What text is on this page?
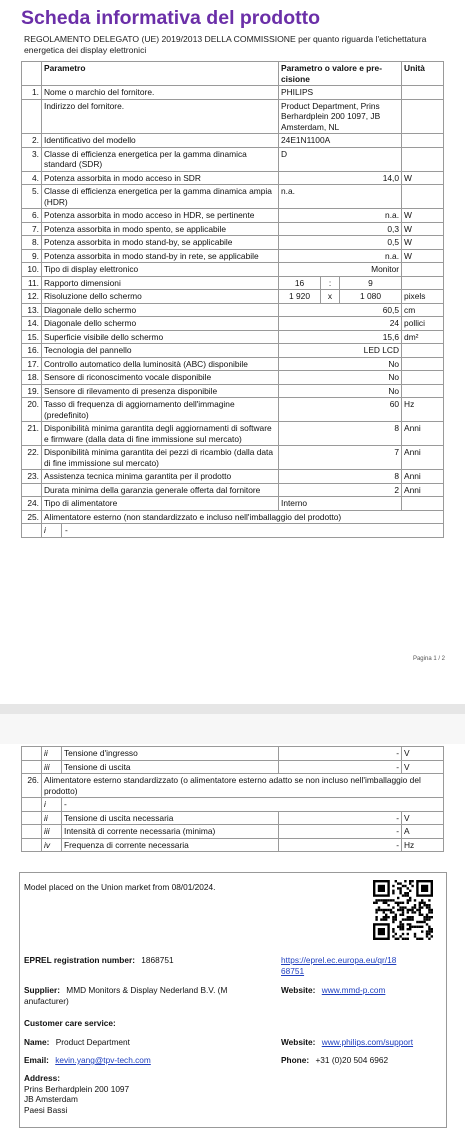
Scheda informativa del prodotto
REGOLAMENTO DELEGATO (UE) 2019/2013 DELLA COMMISSIONE per quanto riguarda l'etichettatura energetica dei display elettronici
	Parametro	Parametro o valore e precisione			Unità
1.	Nome o marchio del fornitore.	PHILIPS			
	Indirizzo del fornitore.	Product Department, Prins Berhardplein 200 1097, JB Amsterdam, NL			
2.	Identificativo del modello	24E1N1100A			
3.	Classe di efficienza energetica per la gamma dinamica standard (SDR)	D			
4.	Potenza assorbita in modo acceso in SDR	14,0			W
5.	Classe di efficienza energetica per la gamma dinamica ampia (HDR)	n.a.			
6.	Potenza assorbita in modo acceso in HDR, se pertinente	n.a.			W
7.	Potenza assorbita in modo spento, se applicabile	0,3			W
8.	Potenza assorbita in modo stand-by, se applicabile	0,5			W
9.	Potenza assorbita in modo stand-by in rete, se applicabile	n.a.			W
10.	Tipo di display elettronico	Monitor			
11.	Rapporto dimensioni	16	:	9	
12.	Risoluzione dello schermo	1 920	x	1 080	pixels
13.	Diagonale dello schermo	60,5			cm
14.	Diagonale dello schermo	24			pollici
15.	Superficie visibile dello schermo	15,6			dm²
16.	Tecnologia del pannello	LED LCD			
17.	Controllo automatico della luminosità (ABC) disponibile	No			
18.	Sensore di riconoscimento vocale disponibile	No			
19.	Sensore di rilevamento di presenza disponibile	No			
20.	Tasso di frequenza di aggiornamento dell'immagine (predefinito)	60			Hz
21.	Disponibilità minima garantita degli aggiornamenti di software e firmware (dalla data di fine immissione sul mercato)	8			Anni
22.	Disponibilità minima garantita dei pezzi di ricambio (dalla data di fine immissione sul mercato)	7			Anni
23.	Assistenza tecnica minima garantita per il prodotto	8			Anni
	Durata minima della garanzia generale offerta dal fornitore	2			Anni
24.	Tipo di alimentatore	Interno			
25.	Alimentatore esterno (non standardizzato e incluso nell'imballaggio del prodotto)				

	i -				
Pagina 1 / 2
	ii	Tensione d'ingresso	-	V
	iii	Tensione di uscita	-	V
26.	Alimentatore esterno standardizzato (o alimentatore esterno adatto se non incluso nell'imballaggio del prodotto)			
	i	-		
	ii	Tensione di uscita necessaria	-	V
	iii	Intensità di corrente necessaria (minima)	-	A
	iv	Frequenza di corrente necessaria	-	Hz
Model placed on the Union market from 08/01/2024.
EPREL registration number: 1868751	https://eprel.ec.europa.eu/qr/18
68751
Supplier: MMD Monitors & Display Nederland B.V. (M
anufacturer)
Website: www.mmd-p.com
Customer care service:
Name: Product Department	Website: www.philips.com/support
Email: kevin.yang@tpv-tech.com	Phone: +31 (0)20 504 6962
Address:
Prins Berhardplein 200 1097
JB Amsterdam
Paesi Bassi
